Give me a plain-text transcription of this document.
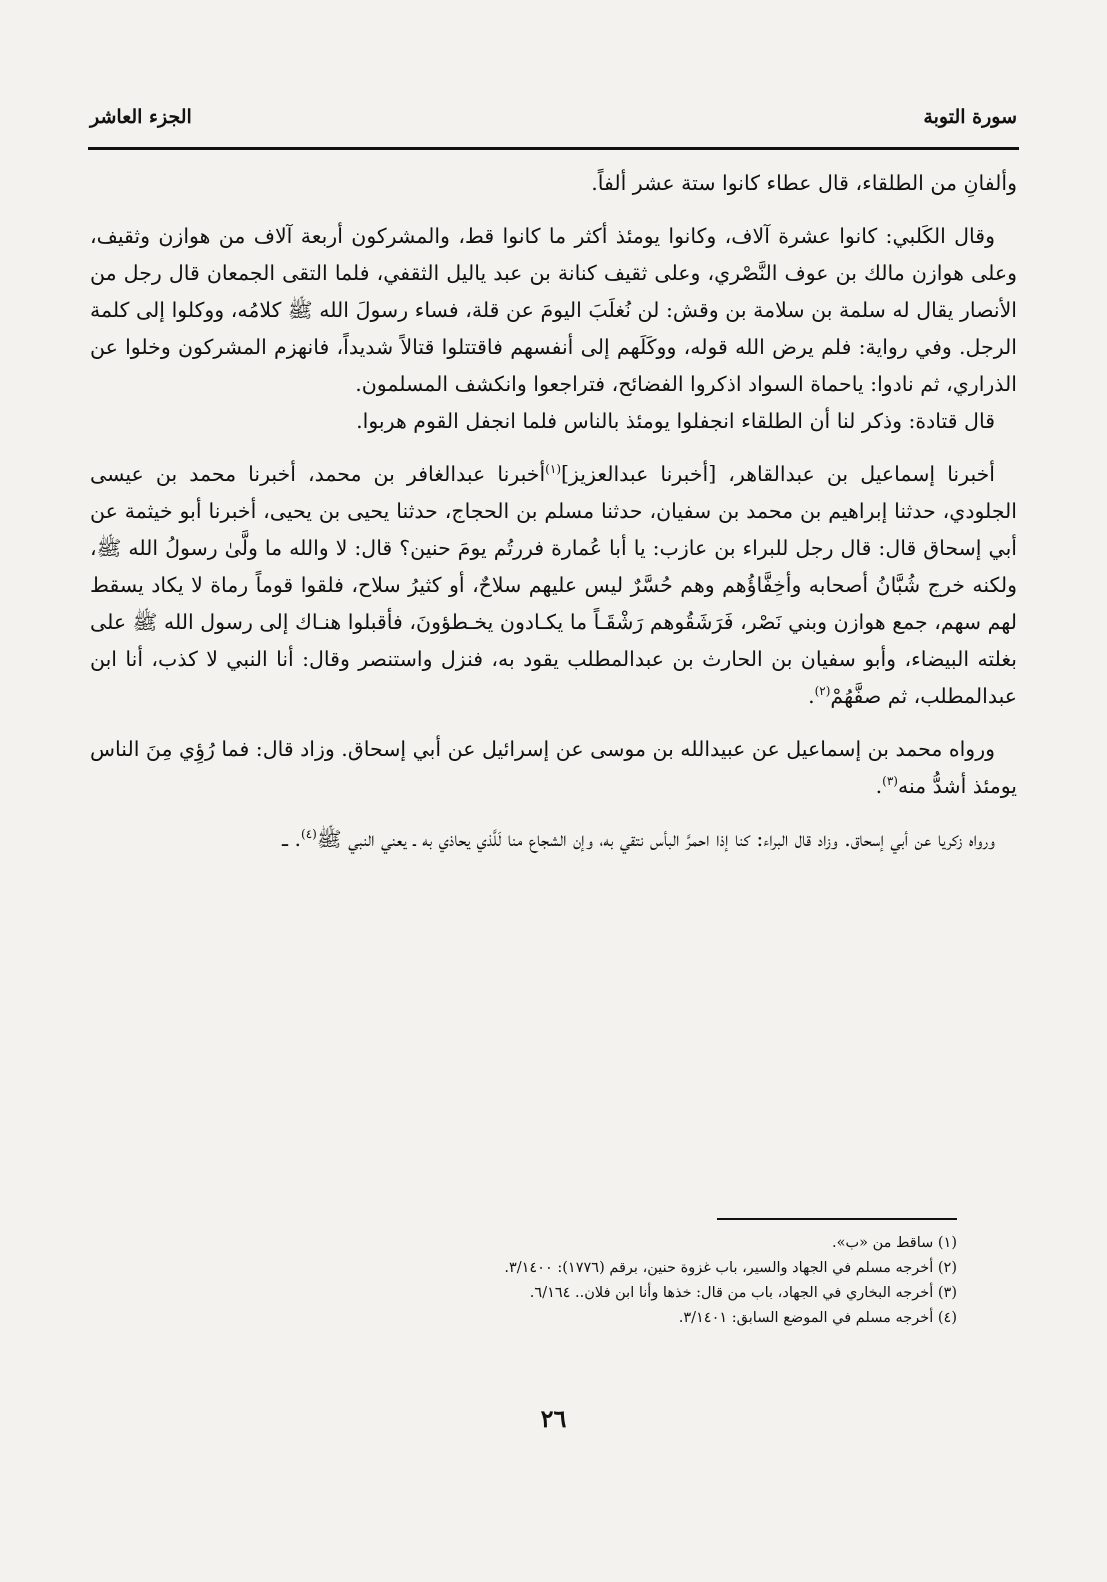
سورة التوبة
الجزء العاشر

وألفانِ من الطلقاء، قال عطاء كانوا ستة عشر ألفاً.

وقال الكَلبي: كانوا عشرة آلاف، وكانوا يومئذ أكثر ما كانوا قط، والمشركون أربعة آلاف من هوازن وثقيف، وعلى هوازن مالك بن عوف النَّصْري، وعلى ثقيف كنانة بن عبد ياليل الثقفي، فلما التقى الجمعان قال رجل من الأنصار يقال له سلمة بن سلامة بن وقش: لن نُغلَبَ اليومَ عن قلة، فساء رسولَ الله ﷺ كلامُه، ووكلوا إلى كلمة الرجل. وفي رواية: فلم يرض الله قوله، ووكَلَهم إلى أنفسهم فاقتتلوا قتالاً شديداً، فانهزم المشركون وخلوا عن الذراري، ثم نادوا: ياحماة السواد اذكروا الفضائح، فتراجعوا وانكشف المسلمون.

قال قتادة: وذكر لنا أن الطلقاء انجفلوا يومئذ بالناس فلما انجفل القوم هربوا.

أخبرنا إسماعيل بن عبدالقاهر، [أخبرنا عبدالعزيز]$^{(١)}$أخبرنا عبدالغافر بن محمد، أخبرنا محمد بن عيسى الجلودي، حدثنا إبراهيم بن محمد بن سفيان، حدثنا مسلم بن الحجاج، حدثنا يحيى بن يحيى، أخبرنا أبو خيثمة عن أبي إسحاق قال: قال رجل للبراء بن عازب: يا أبا عُمارة فررتُم يومَ حنين؟ قال: لا والله ما ولَّىٰ رسولُ الله ﷺ، ولكنه خرج شُبَّانُ أصحابه وأخِفَّاؤُهم وهم حُسَّرٌ ليس عليهم سلاحٌ، أو كثيرُ سلاح، فلقوا قوماً رماة لا يكاد يسقط لهم سهم، جمع هوازن وبني نَصْر، فَرَشَقُوهم رَشْقَـاً ما يكـادون يخـطؤونَ، فأقبلوا هنـاك إلى رسول الله ﷺ على بغلته البيضاء، وأبو سفيان بن الحارث بن عبدالمطلب يقود به، فنزل واستنصر وقال: أنا النبي لا كذب، أنا ابن عبدالمطلب، ثم صفَّهُمْ$^{(٢)}$.

ورواه محمد بن إسماعيل عن عبيدالله بن موسى عن إسرائيل عن أبي إسحاق. وزاد قال: فما رُؤِي مِنَ الناس يومئذ أشدُّ منه$^{(٣)}$.

ورواه زكريا عن أبي إسحاق. وزاد قال البراء: كنا إذا احمرَّ البأس نتقي به، وإن الشجاع منا لَلَّذي يحاذي به ـ يعني النبي ﷺ$^{(٤)}$. ـ

(١) ساقط من «ب».
(٢) أخرجه مسلم في الجهاد والسير، باب غزوة حنين، برقم (١٧٧٦): ٣/١٤٠٠.
(٣) أخرجه البخاري في الجهاد، باب من قال: خذها وأنا ابن فلان.. ٦/١٦٤.
(٤) أخرجه مسلم في الموضع السابق: ٣/١٤٠١.
٢٦
